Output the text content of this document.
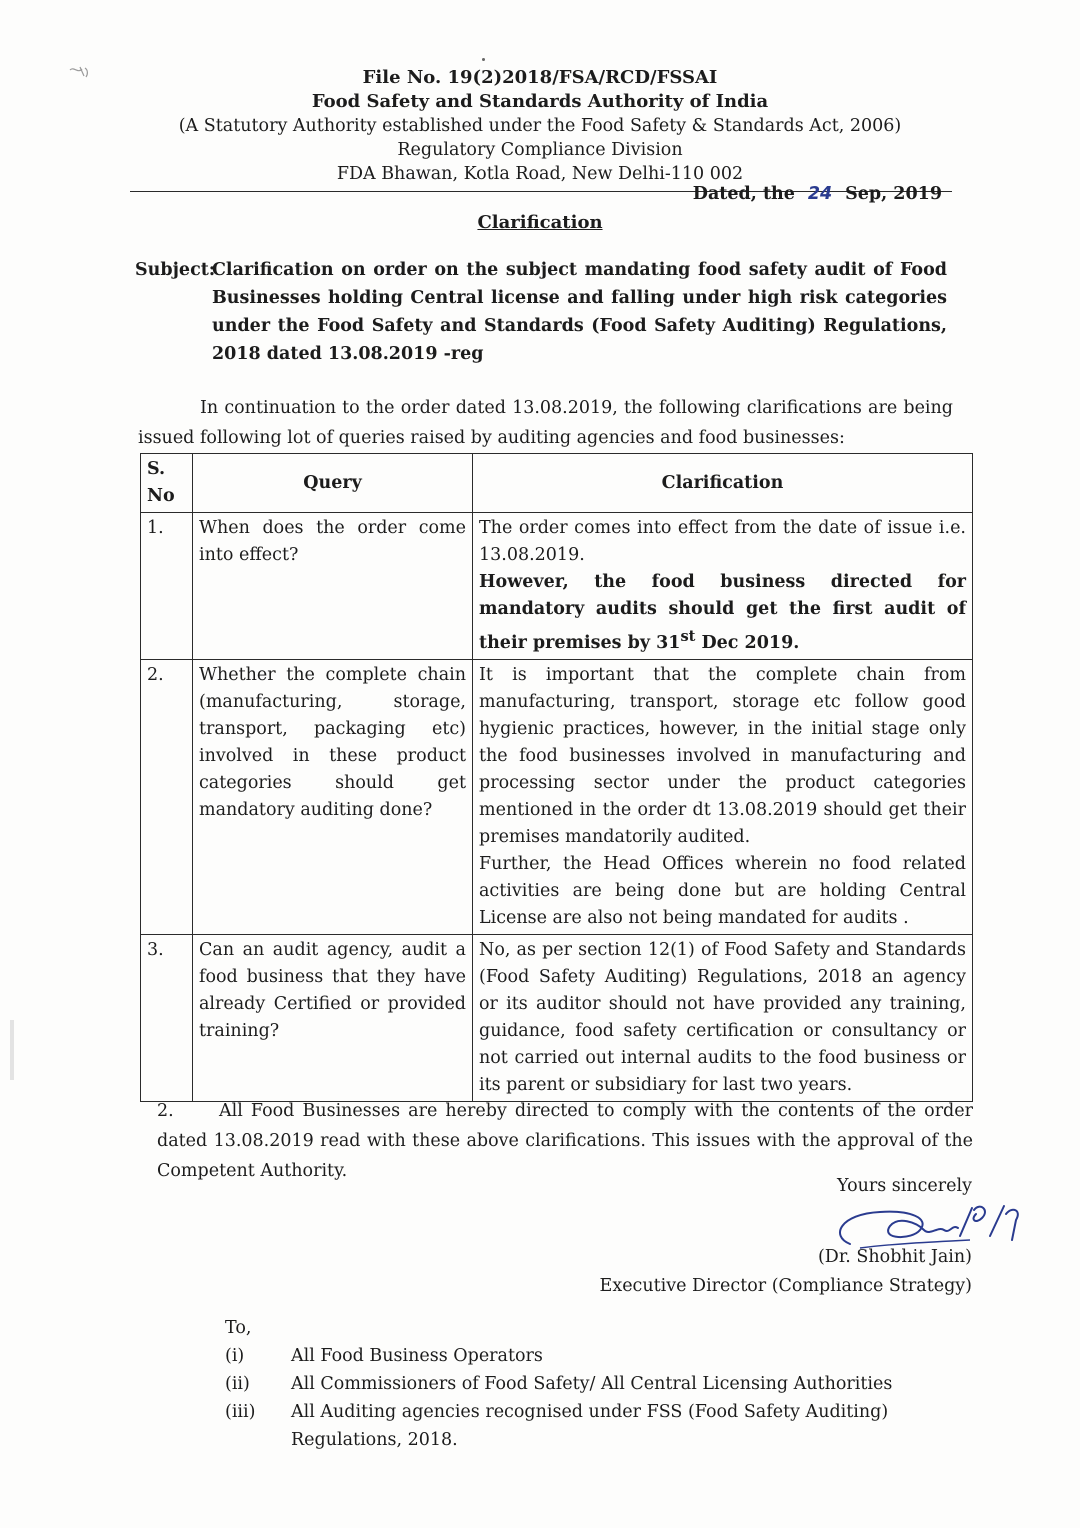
File No. 19(2)2018/FSA/RCD/FSSAI
Food Safety and Standards Authority of India
(A Statutory Authority established under the Food Safety & Standards Act, 2006)
Regulatory Compliance Division
FDA Bhawan, Kotla Road, New Delhi-110 002
Dated, the 24 Sep, 2019
Clarification
Subject:
Clarification on order on the subject mandating food safety audit of Food Businesses holding Central license and falling under high risk categories under the Food Safety and Standards (Food Safety Auditing) Regulations, 2018 dated 13.08.2019 -reg
In continuation to the order dated 13.08.2019, the following clarifications are being issued following lot of queries raised by auditing agencies and food businesses:
S. No	Query	Clarification
1.	When does the order come into effect?	The order comes into effect from the date of issue i.e. 13.08.2019.
However, the food business directed for mandatory audits should get the first audit of their premises by 31st Dec 2019.

2.	Whether the complete chain (manufacturing, storage, transport, packaging etc) involved in these product categories should get mandatory auditing done?	It is important that the complete chain from manufacturing, transport, storage etc follow good hygienic practices, however, in the initial stage only the food businesses involved in manufacturing and processing sector under the product categories mentioned in the order dt 13.08.2019 should get their premises mandatorily audited.
Further, the Head Offices wherein no food related activities are being done but are holding Central License are also not being mandated for audits .

3.	Can an audit agency, audit a food business that they have already Certified or provided training?	No, as per section 12(1) of Food Safety and Standards (Food Safety Auditing) Regulations, 2018 an agency or its auditor should not have provided any training, guidance, food safety certification or consultancy or not carried out internal audits to the food business or its parent or subsidiary for last two years.
2.	All Food Businesses are hereby directed to comply with the contents of the order dated 13.08.2019 read with these above clarifications. This issues with the approval of the Competent Authority.
Yours sincerely
(Dr. Shobhit Jain)
Executive Director (Compliance Strategy)
To,
(i)	All Food Business Operators
(ii)	All Commissioners of Food Safety/ All Central Licensing Authorities
(iii)	All Auditing agencies recognised under FSS (Food Safety Auditing) Regulations, 2018.
